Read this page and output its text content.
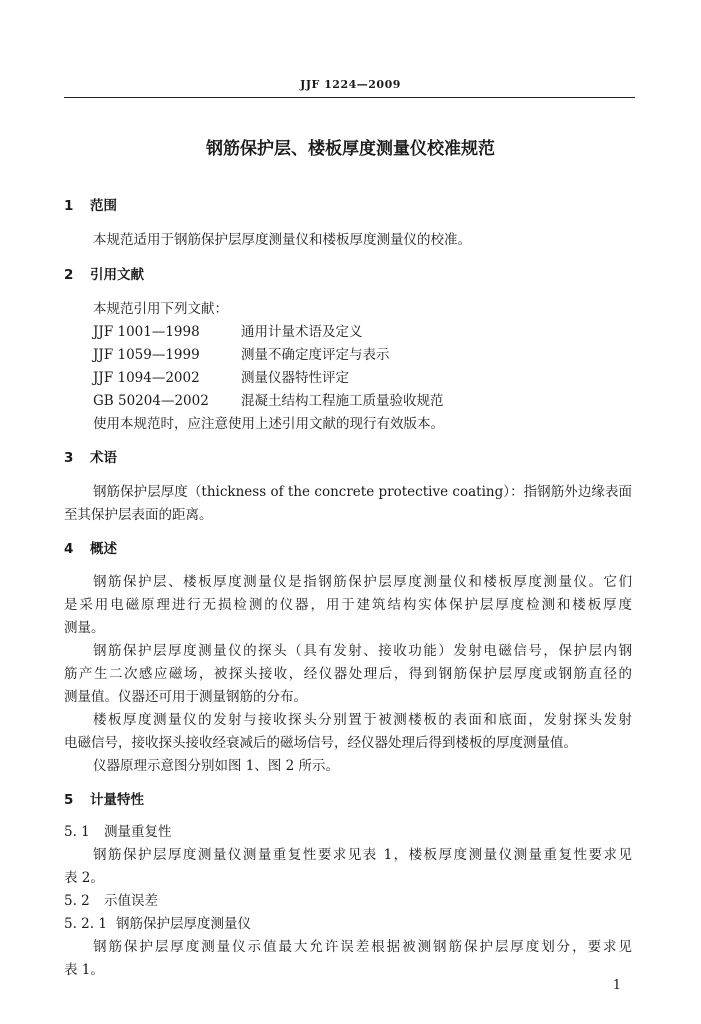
JJF 1224—2009
钢筋保护层、楼板厚度测量仪校准规范
1 范围
本规范适用于钢筋保护层厚度测量仪和楼板厚度测量仪的校准。
2 引用文献
本规范引用下列文献：
JJF 1001—1998	通用计量术语及定义
JJF 1059—1999	测量不确定度评定与表示
JJF 1094—2002	测量仪器特性评定
GB 50204—2002 混凝土结构工程施工质量验收规范
使用本规范时，应注意使用上述引用文献的现行有效版本。
3 术语
钢筋保护层厚度（thickness of the concrete protective coating）：指钢筋外边缘表面
至其保护层表面的距离。
4 概述
钢筋保护层、楼板厚度测量仪是指钢筋保护层厚度测量仪和楼板厚度测量仪。它们
是采用电磁原理进行无损检测的仪器，用于建筑结构实体保护层厚度检测和楼板厚度
测量。
钢筋保护层厚度测量仪的探头（具有发射、接收功能）发射电磁信号，保护层内钢
筋产生二次感应磁场，被探头接收，经仪器处理后，得到钢筋保护层厚度或钢筋直径的
测量值。仪器还可用于测量钢筋的分布。
楼板厚度测量仪的发射与接收探头分别置于被测楼板的表面和底面，发射探头发射
电磁信号，接收探头接收经衰减后的磁场信号，经仪器处理后得到楼板的厚度测量值。
仪器原理示意图分别如图 1、图 2 所示。
5 计量特性
5. 1 测量重复性
钢筋保护层厚度测量仪测量重复性要求见表 1，楼板厚度测量仪测量重复性要求见
表 2。
5. 2 示值误差
5. 2. 1 钢筋保护层厚度测量仪
钢筋保护层厚度测量仪示值最大允许误差根据被测钢筋保护层厚度划分，要求见
表 1。
1
